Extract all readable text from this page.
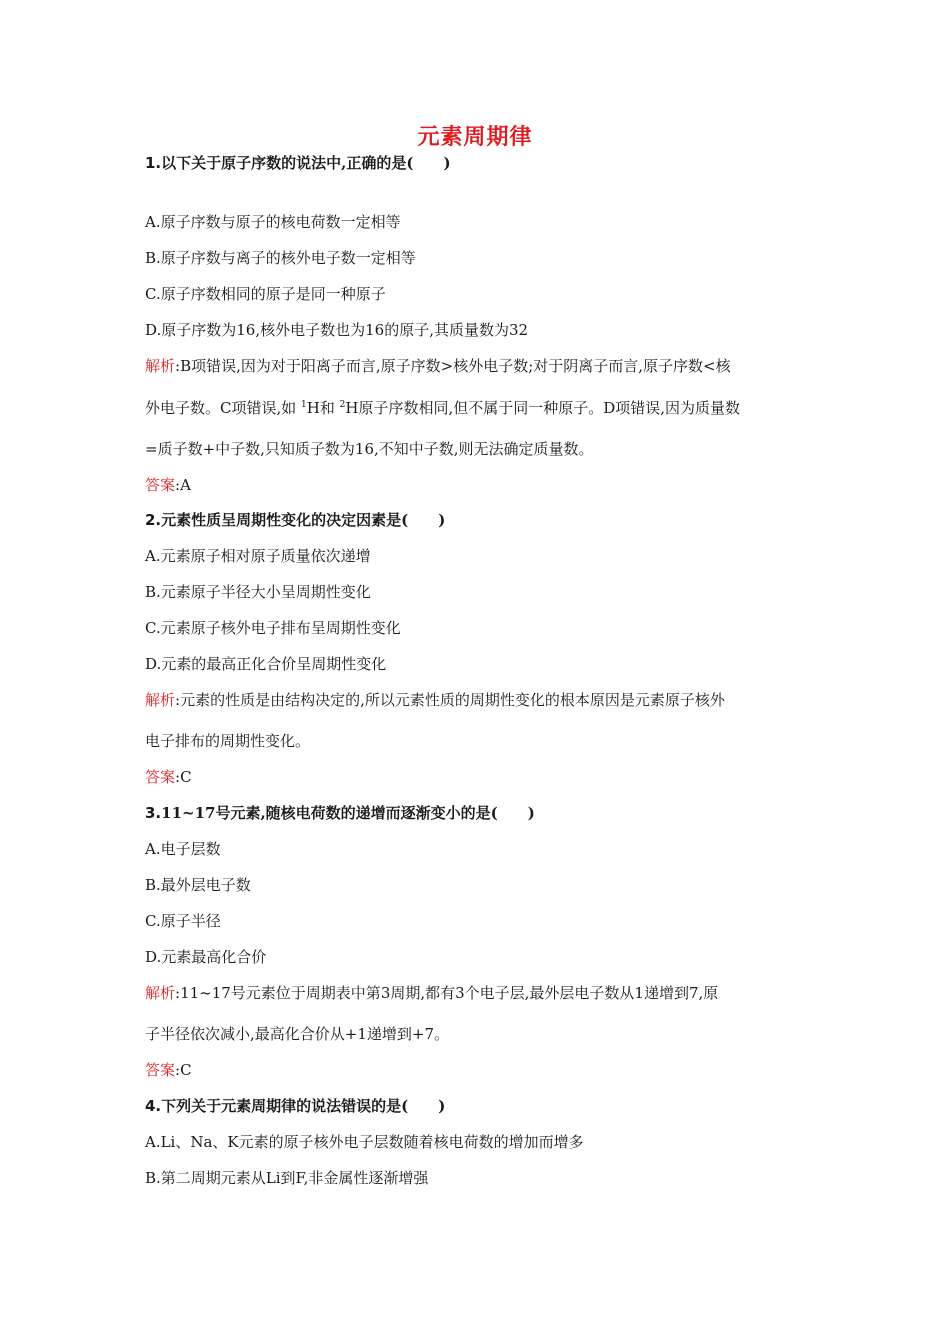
元素周期律
1.以下关于原子序数的说法中,正确的是(　　)
A.原子序数与原子的核电荷数一定相等
B.原子序数与离子的核外电子数一定相等
C.原子序数相同的原子是同一种原子
D.原子序数为16,核外电子数也为16的原子,其质量数为32
解析:B项错误,因为对于阳离子而言,原子序数>核外电子数;对于阴离子而言,原子序数<核
外电子数。C项错误,如 $^1$H和 $^2$H原子序数相同,但不属于同一种原子。D项错误,因为质量数
=质子数+中子数,只知质子数为16,不知中子数,则无法确定质量数。
答案:A
2.元素性质呈周期性变化的决定因素是(　　)
A.元素原子相对原子质量依次递增
B.元素原子半径大小呈周期性变化
C.元素原子核外电子排布呈周期性变化
D.元素的最高正化合价呈周期性变化
解析:元素的性质是由结构决定的,所以元素性质的周期性变化的根本原因是元素原子核外
电子排布的周期性变化。
答案:C
3.11~17号元素,随核电荷数的递增而逐渐变小的是(　　)
A.电子层数
B.最外层电子数
C.原子半径
D.元素最高化合价
解析:11~17号元素位于周期表中第3周期,都有3个电子层,最外层电子数从1递增到7,原
子半径依次减小,最高化合价从+1递增到+7。
答案:C
4.下列关于元素周期律的说法错误的是(　　)
A.Li、Na、K元素的原子核外电子层数随着核电荷数的增加而增多
B.第二周期元素从Li到F,非金属性逐渐增强
